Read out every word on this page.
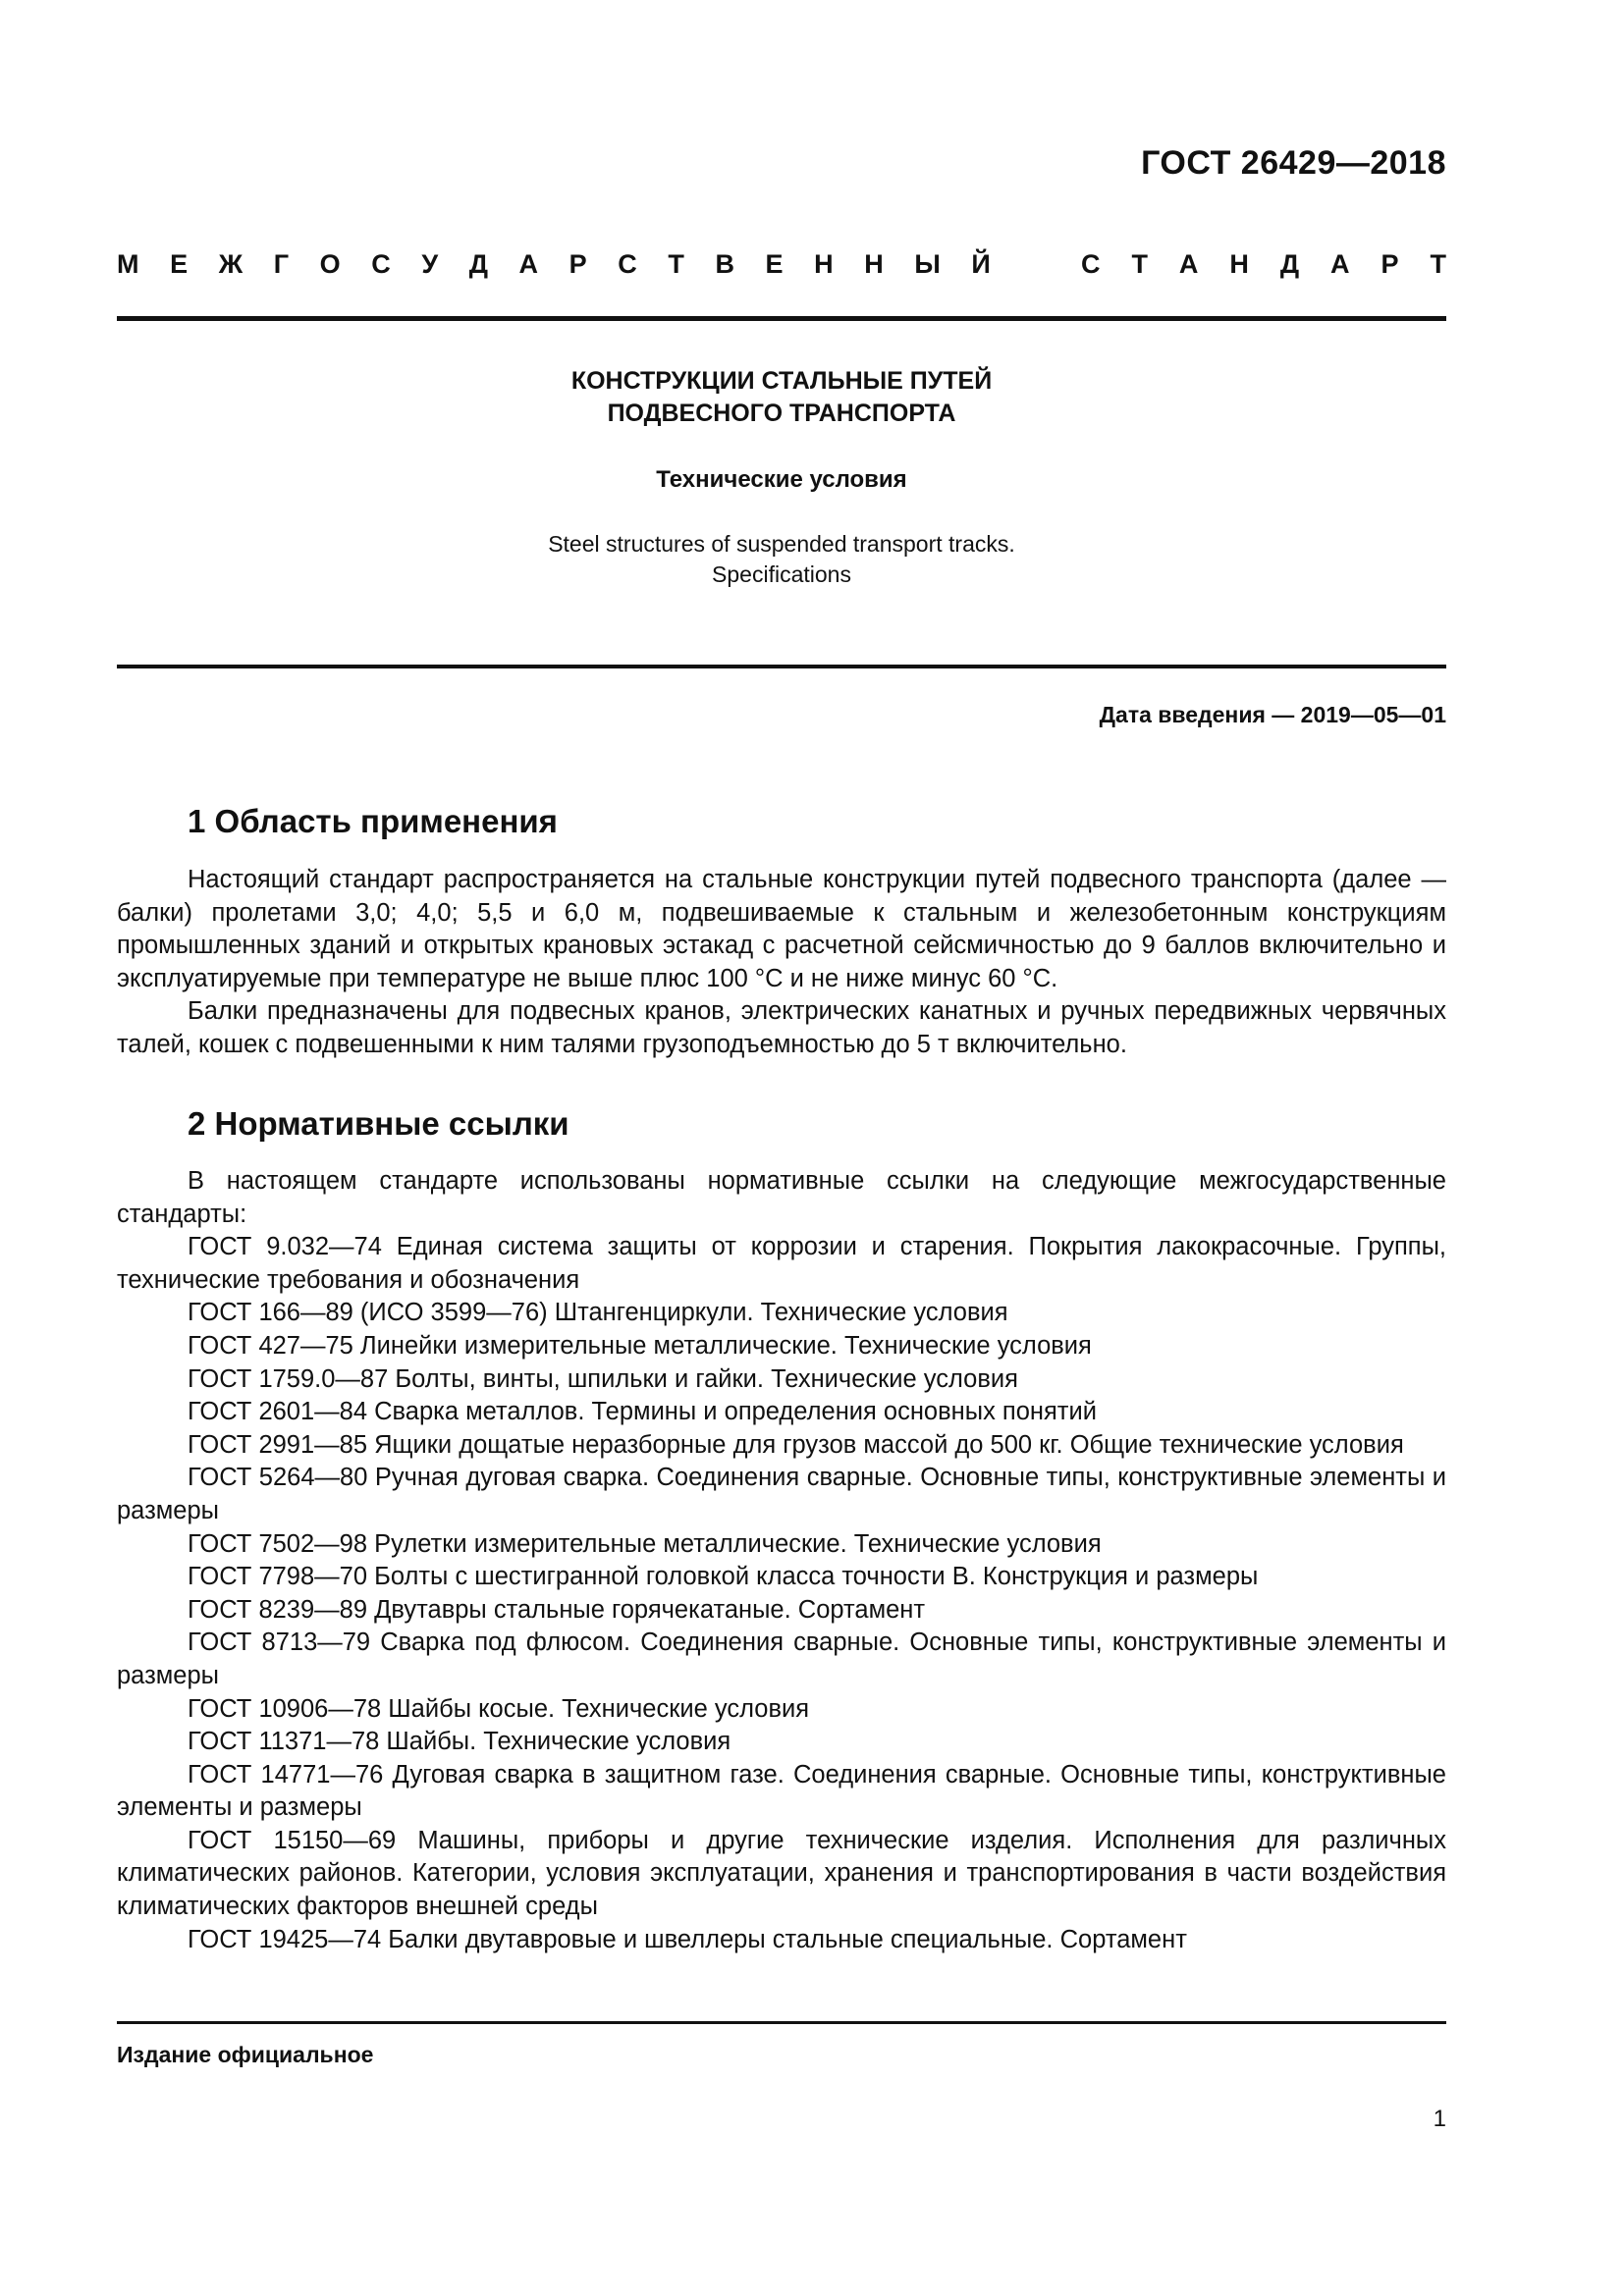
ГОСТ 26429—2018
М Е Ж Г О С У Д А Р С Т В Е Н Н Ы Й	С Т А Н Д А Р Т
КОНСТРУКЦИИ СТАЛЬНЫЕ ПУТЕЙ
ПОДВЕСНОГО ТРАНСПОРТА
Технические условия
Steel structures of suspended transport tracks.
Specifications
Дата введения — 2019—05—01
1 Область применения

Настоящий стандарт распространяется на стальные конструкции путей подвесного транспорта (далее — балки) пролетами 3,0; 4,0; 5,5 и 6,0 м, подвешиваемые к стальным и железобетонным конструкциям промышленных зданий и открытых крановых эстакад с расчетной сейсмичностью до 9 баллов включительно и эксплуатируемые при температуре не выше плюс 100 °С и не ниже минус 60 °С.

Балки предназначены для подвесных кранов, электрических канатных и ручных передвижных червячных талей, кошек с подвешенными к ним талями грузоподъемностью до 5 т включительно.

2 Нормативные ссылки

В настоящем стандарте использованы нормативные ссылки на следующие межгосударственные стандарты:

ГОСТ 9.032—74 Единая система защиты от коррозии и старения. Покрытия лакокрасочные. Группы, технические требования и обозначения

ГОСТ 166—89 (ИСО 3599—76) Штангенциркули. Технические условия

ГОСТ 427—75 Линейки измерительные металлические. Технические условия

ГОСТ 1759.0—87 Болты, винты, шпильки и гайки. Технические условия

ГОСТ 2601—84 Сварка металлов. Термины и определения основных понятий

ГОСТ 2991—85 Ящики дощатые неразборные для грузов массой до 500 кг. Общие технические условия

ГОСТ 5264—80 Ручная дуговая сварка. Соединения сварные. Основные типы, конструктивные элементы и размеры

ГОСТ 7502—98 Рулетки измерительные металлические. Технические условия

ГОСТ 7798—70 Болты с шестигранной головкой класса точности В. Конструкция и размеры

ГОСТ 8239—89 Двутавры стальные горячекатаные. Сортамент

ГОСТ 8713—79 Сварка под флюсом. Соединения сварные. Основные типы, конструктивные элементы и размеры

ГОСТ 10906—78 Шайбы косые. Технические условия

ГОСТ 11371—78 Шайбы. Технические условия

ГОСТ 14771—76 Дуговая сварка в защитном газе. Соединения сварные. Основные типы, конструктивные элементы и размеры

ГОСТ 15150—69 Машины, приборы и другие технические изделия. Исполнения для различных климатических районов. Категории, условия эксплуатации, хранения и транспортирования в части воздействия климатических факторов внешней среды

ГОСТ 19425—74 Балки двутавровые и швеллеры стальные специальные. Сортамент

Издание официальное
1
